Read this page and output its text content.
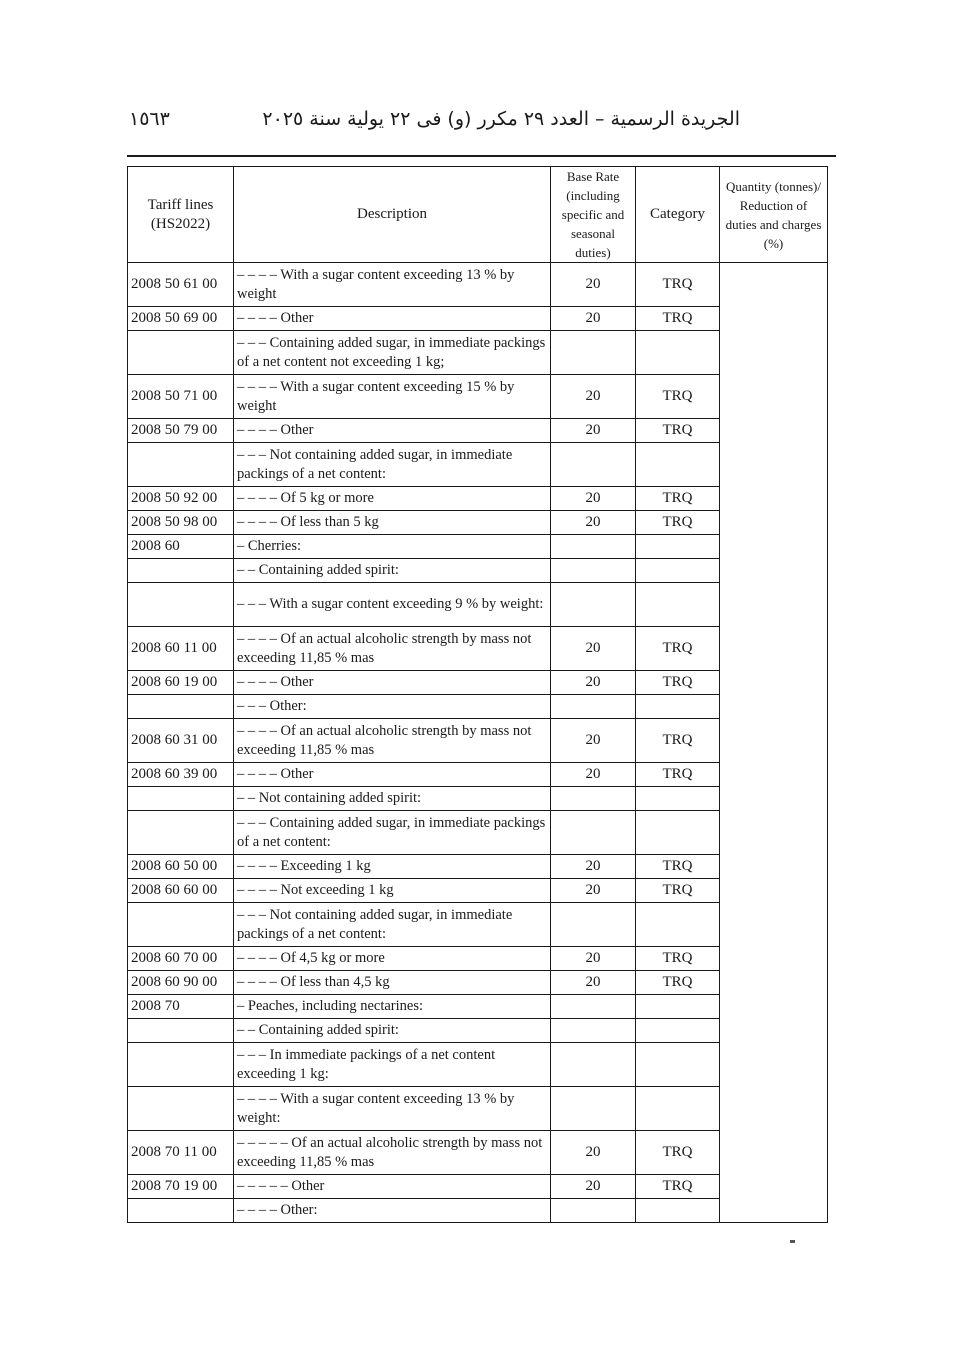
١٥٦٣	الجريدة الرسمية – العدد ٢٩ مكرر (و) فى ٢٢ يولية سنة ٢٠٢٥
Tariff lines (HS2022)	Description	Base Rate (including specific and seasonal duties)	Category	Quantity (tonnes)/ Reduction of duties and charges (%)
2008 50 61 00	– – – – With a sugar content exceeding 13 % by weight	20	TRQ	
2008 50 69 00	– – – – Other	20	TRQ	
	– – – Containing added sugar, in immediate packings of a net content not exceeding 1 kg;			
2008 50 71 00	– – – – With a sugar content exceeding 15 % by weight	20	TRQ	
2008 50 79 00	– – – – Other	20	TRQ	
	– – – Not containing added sugar, in immediate packings of a net content:			
2008 50 92 00	– – – – Of 5 kg or more	20	TRQ	
2008 50 98 00	– – – – Of less than 5 kg	20	TRQ	
2008 60	– Cherries:			
	– – Containing added spirit:			
	– – – With a sugar content exceeding 9 % by weight:			
2008 60 11 00	– – – – Of an actual alcoholic strength by mass not exceeding 11,85 % mas	20	TRQ	
2008 60 19 00	– – – – Other	20	TRQ	
	– – – Other:			
2008 60 31 00	– – – – Of an actual alcoholic strength by mass not exceeding 11,85 % mas	20	TRQ	
2008 60 39 00	– – – – Other	20	TRQ	
	– – Not containing added spirit:			
	– – – Containing added sugar, in immediate packings of a net content:			
2008 60 50 00	– – – – Exceeding 1 kg	20	TRQ	
2008 60 60 00	– – – – Not exceeding 1 kg	20	TRQ	
	– – – Not containing added sugar, in immediate packings of a net content:			
2008 60 70 00	– – – – Of 4,5 kg or more	20	TRQ	
2008 60 90 00	– – – – Of less than 4,5 kg	20	TRQ	
2008 70	– Peaches, including nectarines:			
	– – Containing added spirit:			
	– – – In immediate packings of a net content exceeding 1 kg:			
	– – – – With a sugar content exceeding 13 % by weight:			
2008 70 11 00	– – – – – Of an actual alcoholic strength by mass not exceeding 11,85 % mas	20	TRQ	
2008 70 19 00	– – – – – Other	20	TRQ	
	– – – – Other:			
